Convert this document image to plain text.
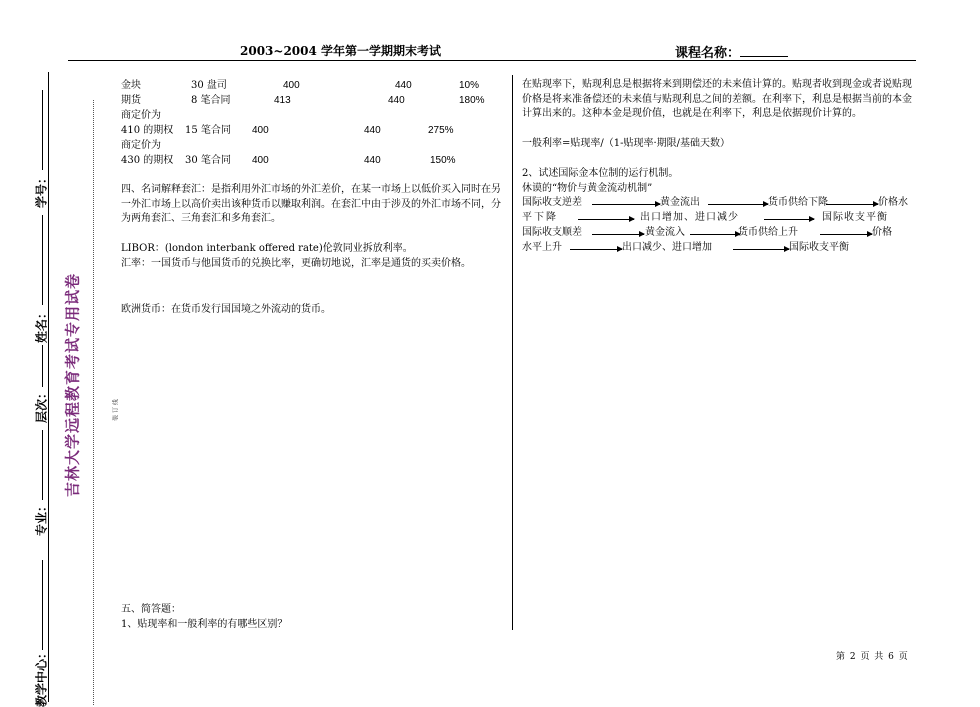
2003~2004 学年第一学期期末考试	课程名称：
学号：
姓名：
层次：
专业：
教学中心：
吉林大学远程教育考试专用试卷	装 订 线
金块	30 盘司	400	440	10%
期货	8 笔合同	413	440	180%
商定价为
410 的期权 15 笔合同 400	440	275%
商定价为
430 的期权 30 笔合同 400	440	150%
四、名词解释套汇：是指利用外汇市场的外汇差价，在某一市场上以低价买入同时在另一外汇市场上以高价卖出该种货币以赚取利润。在套汇中由于涉及的外汇市场不同，分为两角套汇、三角套汇和多角套汇。
LIBOR：(london interbank offered rate)伦敦同业拆放利率。
汇率：一国货币与他国货币的兑换比率，更确切地说，汇率是通货的买卖价格。
欧洲货币：在货币发行国国境之外流动的货币。
五、简答题：
1、贴现率和一般利率的有哪些区别？
在贴现率下，贴现利息是根据将来到期偿还的未来值计算的。贴现者收到现金或者说贴现价格是将来准备偿还的未来值与贴现利息之间的差额。在利率下，利息是根据当前的本金计算出来的。这种本金是现价值，也就是在利率下，利息是依据现价计算的。
一般利率=贴现率/（1-贴现率·期限/基础天数）
2、试述国际金本位制的运行机制。
休谟的“物价与黄金流动机制”
国际收支逆差	黄金流出	货币供给下降	价格水
平下降	出口增加、进口减少	国际收支平衡
国际收支顺差	黄金流入	货币供给上升	价格
水平上升	出口减少、进口增加	国际收支平衡
第 2 页 共 6 页
